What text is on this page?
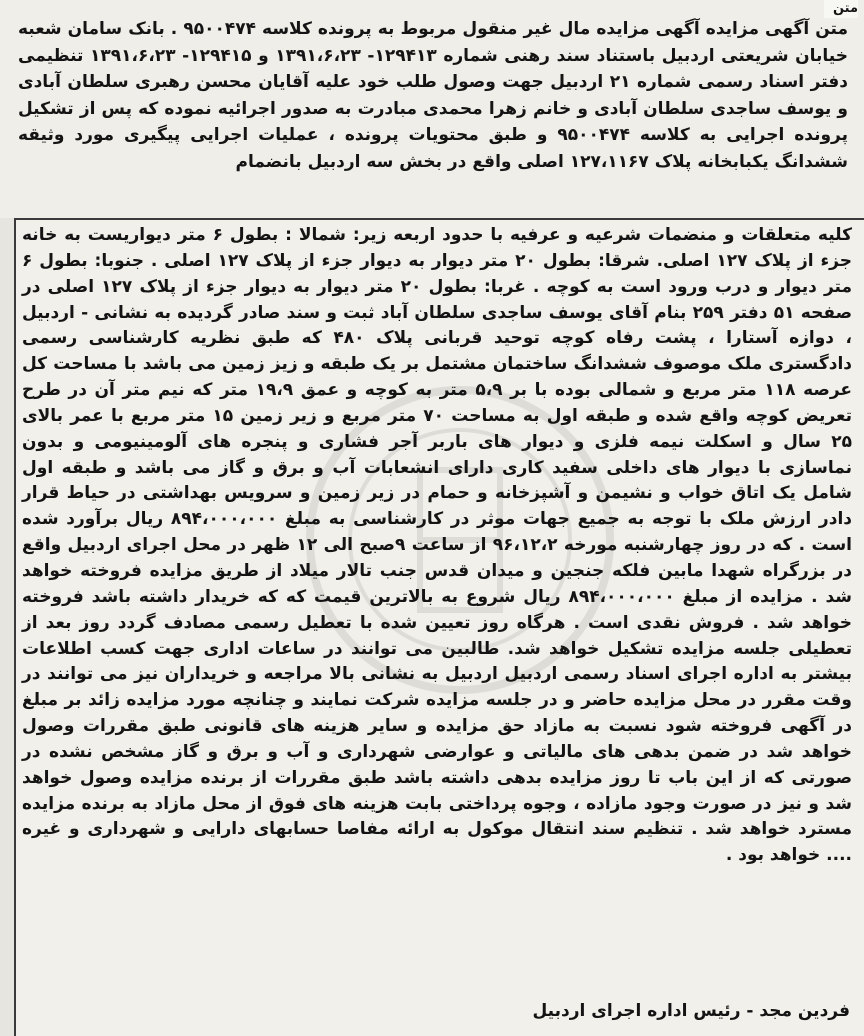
متن

متن آگهی مزایده آگهی مزایده مال غیر منقول مربوط به پرونده کلاسه ۹۵۰۰۴۷۴ . بانک سامان شعبه خیابان شریعتی اردبیل باستناد سند رهنی شماره ۱۲۹۴۱۳- ۱۳۹۱،۶،۲۳ و ۱۲۹۴۱۵- ۱۳۹۱،۶،۲۳ تنظیمی دفتر اسناد رسمی شماره ۲۱ اردبیل جهت وصول طلب خود علیه آقایان محسن رهبری سلطان آبادی و یوسف ساجدی سلطان آبادی و خانم زهرا محمدی مبادرت به صدور اجرائیه نموده که پس از تشکیل پرونده اجرایی به کلاسه ۹۵۰۰۴۷۴ و طبق محتویات پرونده ، عملیات اجرایی پیگیری مورد وثیقه ششدانگ یکبابخانه پلاک ۱۲۷،۱۱۶۷ اصلی واقع در بخش سه اردبیل بانضمام

کلیه متعلقات و منضمات شرعیه و عرفیه با حدود اربعه زیر: شمالا : بطول ۶ متر دیواریست به خانه جزء از پلاک ۱۲۷ اصلی. شرقا: بطول ۲۰ متر دیوار به دیوار جزء از پلاک ۱۲۷ اصلی . جنوبا: بطول ۶ متر دیوار و درب ورود است به کوچه . غربا: بطول ۲۰ متر دیوار به دیوار جزء از پلاک ۱۲۷ اصلی در صفحه ۵۱ دفتر ۲۵۹ بنام آقای یوسف ساجدی سلطان آباد ثبت و سند صادر گردیده به نشانی - اردبیل ، دوازه آستارا ، پشت رفاه کوچه توحید قربانی پلاک ۴۸۰ که طبق نظریه کارشناسی رسمی دادگستری ملک موصوف ششدانگ ساختمان مشتمل بر یک طبقه و زیز زمین می باشد با مساحت کل عرصه ۱۱۸ متر مربع و شمالی بوده با بر ۵،۹ متر به کوچه و عمق ۱۹،۹ متر که نیم متر آن در طرح تعریض کوچه واقع شده و طبقه اول به مساحت ۷۰ متر مربع و زیر زمین ۱۵ متر مربع با عمر بالای ۲۵ سال و اسکلت نیمه فلزی و دیوار های باربر آجر فشاری و پنجره های آلومینیومی و بدون نماسازی با دیوار های داخلی سفید کاری دارای انشعابات آب و برق و گاز می باشد و طبقه اول شامل یک اتاق خواب و نشیمن و آشپزخانه و حمام در زیر زمین و سرویس بهداشتی در حیاط قرار دادر ارزش ملک با توجه به جمیع جهات موثر در کارشناسی به مبلغ ۸۹۴،۰۰۰،۰۰۰ ریال برآورد شده است . که در روز چهارشنبه مورخه ۹۶،۱۲،۲ از ساعت ۹صبح الی ۱۲ ظهر در محل اجرای اردبیل واقع در بزرگراه شهدا مابین فلکه جنجین و میدان قدس جنب تالار میلاد از طریق مزایده فروخته خواهد شد . مزایده از مبلغ ۸۹۴،۰۰۰،۰۰۰ ریال شروع به بالاترین قیمت که که خریدار داشته باشد فروخته خواهد شد . فروش نقدی است . هرگاه روز تعیین شده با تعطیل رسمی مصادف گردد روز بعد از تعطیلی جلسه مزایده تشکیل خواهد شد. طالبین می توانند در ساعات اداری جهت کسب اطلاعات بیشتر به اداره اجرای اسناد رسمی اردبیل اردبیل به نشانی بالا مراجعه و خریداران نیز می توانند در وقت مقرر در محل مزایده حاضر و در جلسه مزایده شرکت نمایند و چنانچه مورد مزایده زائد بر مبلغ در آگهی فروخته شود نسبت به مازاد حق مزایده و سایر هزینه های قانونی طبق مقررات وصول خواهد شد در ضمن بدهی های مالیاتی و عوارضی شهرداری و آب و برق و گاز مشخص نشده در صورتی که از این باب تا روز مزایده بدهی داشته باشد طبق مقررات از برنده مزایده وصول خواهد شد و نیز در صورت وجود مازاده ، وجوه پرداختی بابت هزینه های فوق از محل مازاد به برنده مزایده مسترد خواهد شد . تنظیم سند انتقال موکول به ارائه مفاصا حسابهای دارایی و شهرداری و غیره .... خواهد بود .

فردین مجد - رئیس اداره اجرای اردبیل
